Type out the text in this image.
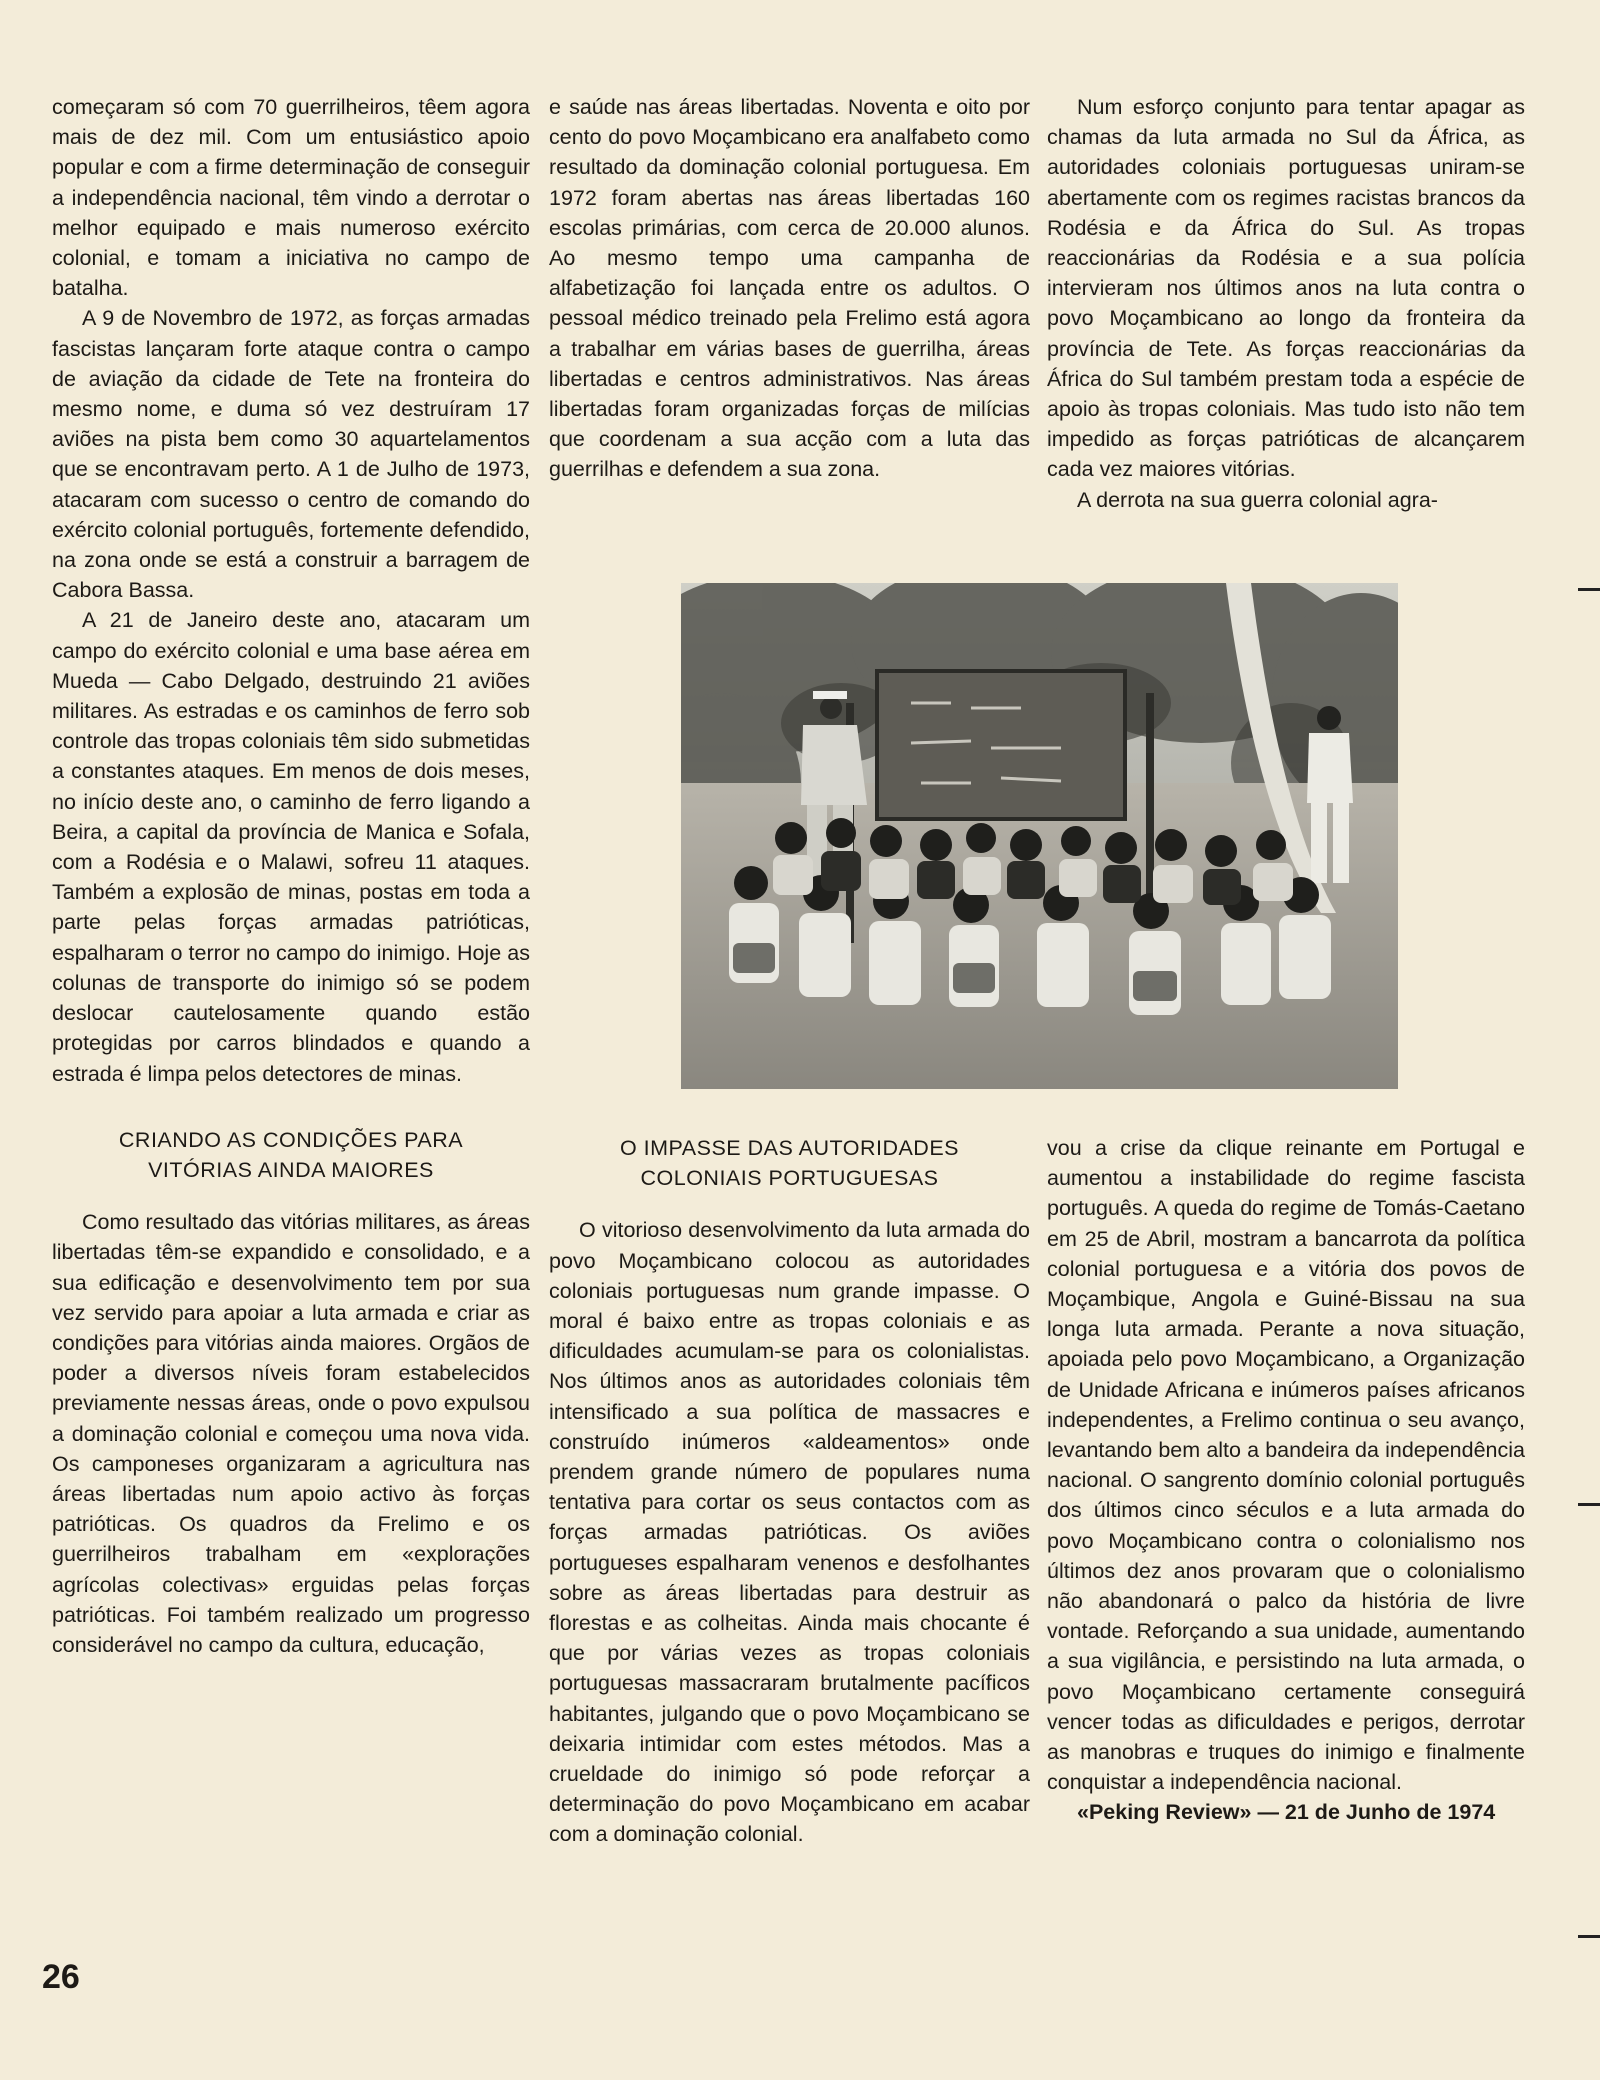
começaram só com 70 guerrilheiros, têem agora mais de dez mil. Com um entusiástico apoio popular e com a firme determinação de conseguir a independência nacional, têm vindo a derrotar o melhor equipado e mais numeroso exército colonial, e tomam a iniciativa no campo de batalha.

A 9 de Novembro de 1972, as forças armadas fascistas lançaram forte ataque contra o campo de aviação da cidade de Tete na fronteira do mesmo nome, e duma só vez destruíram 17 aviões na pista bem como 30 aquartelamentos que se encontravam perto. A 1 de Julho de 1973, atacaram com sucesso o centro de comando do exército colonial português, fortemente defendido, na zona onde se está a construir a barragem de Cabora Bassa.

A 21 de Janeiro deste ano, atacaram um campo do exército colonial e uma base aérea em Mueda — Cabo Delgado, destruindo 21 aviões militares. As estradas e os caminhos de ferro sob controle das tropas coloniais têm sido submetidas a constantes ataques. Em menos de dois meses, no início deste ano, o caminho de ferro ligando a Beira, a capital da província de Manica e Sofala, com a Rodésia e o Malawi, sofreu 11 ataques. Também a explosão de minas, postas em toda a parte pelas forças armadas patrióticas, espalharam o terror no campo do inimigo. Hoje as colunas de transporte do inimigo só se podem deslocar cautelosamente quando estão protegidas por carros blindados e quando a estrada é limpa pelos detectores de minas.

CRIANDO AS CONDIÇÕES PARA
VITÓRIAS AINDA MAIORES

Como resultado das vitórias militares, as áreas libertadas têm-se expandido e consolidado, e a sua edificação e desenvolvimento tem por sua vez servido para apoiar a luta armada e criar as condições para vitórias ainda maiores. Orgãos de poder a diversos níveis foram estabelecidos previamente nessas áreas, onde o povo expulsou a dominação colonial e começou uma nova vida. Os camponeses organizaram a agricultura nas áreas libertadas num apoio activo às forças patrióticas. Os quadros da Frelimo e os guerrilheiros trabalham em «explorações agrícolas colectivas» erguidas pelas forças patrióticas. Foi também realizado um progresso considerável no campo da cultura, educação,

e saúde nas áreas libertadas. Noventa e oito por cento do povo Moçambicano era analfabeto como resultado da dominação colonial portuguesa. Em 1972 foram abertas nas áreas libertadas 160 escolas primárias, com cerca de 20.000 alunos. Ao mesmo tempo uma campanha de alfabetização foi lançada entre os adultos. O pessoal médico treinado pela Frelimo está agora a trabalhar em várias bases de guerrilha, áreas libertadas e centros administrativos. Nas áreas libertadas foram organizadas forças de milícias que coordenam a sua acção com a luta das guerrilhas e defendem a sua zona.

Num esforço conjunto para tentar apagar as chamas da luta armada no Sul da África, as autoridades coloniais portuguesas uniram-se abertamente com os regimes racistas brancos da Rodésia e da África do Sul. As tropas reaccionárias da Rodésia e a sua polícia intervieram nos últimos anos na luta contra o povo Moçambicano ao longo da fronteira da província de Tete. As forças reaccionárias da África do Sul também prestam toda a espécie de apoio às tropas coloniais. Mas tudo isto não tem impedido as forças patrióticas de alcançarem cada vez maiores vitórias.

A derrota na sua guerra colonial agra-

O IMPASSE DAS AUTORIDADES
COLONIAIS PORTUGUESAS

O vitorioso desenvolvimento da luta armada do povo Moçambicano colocou as autoridades coloniais portuguesas num grande impasse. O moral é baixo entre as tropas coloniais e as dificuldades acumulam-se para os colonialistas. Nos últimos anos as autoridades coloniais têm intensificado a sua política de massacres e construído inúmeros «aldeamentos» onde prendem grande número de populares numa tentativa para cortar os seus contactos com as forças armadas patrióticas. Os aviões portugueses espalharam venenos e desfolhantes sobre as áreas libertadas para destruir as florestas e as colheitas. Ainda mais chocante é que por várias vezes as tropas coloniais portuguesas massacraram brutalmente pacíficos habitantes, julgando que o povo Moçambicano se deixaria intimidar com estes métodos. Mas a crueldade do inimigo só pode reforçar a determinação do povo Moçambicano em acabar com a dominação colonial.

vou a crise da clique reinante em Portugal e aumentou a instabilidade do regime fascista português. A queda do regime de Tomás-Caetano em 25 de Abril, mostram a bancarrota da política colonial portuguesa e a vitória dos povos de Moçambique, Angola e Guiné-Bissau na sua longa luta armada. Perante a nova situação, apoiada pelo povo Moçambicano, a Organização de Unidade Africana e inúmeros países africanos independentes, a Frelimo continua o seu avanço, levantando bem alto a bandeira da independência nacional. O sangrento domínio colonial português dos últimos cinco séculos e a luta armada do povo Moçambicano contra o colonialismo nos últimos dez anos provaram que o colonialismo não abandonará o palco da história de livre vontade. Reforçando a sua unidade, aumentando a sua vigilância, e persistindo na luta armada, o povo Moçambicano certamente conseguirá vencer todas as dificuldades e perigos, derrotar as manobras e truques do inimigo e finalmente conquistar a independência nacional.

«Peking Review» — 21 de Junho de 1974

26
